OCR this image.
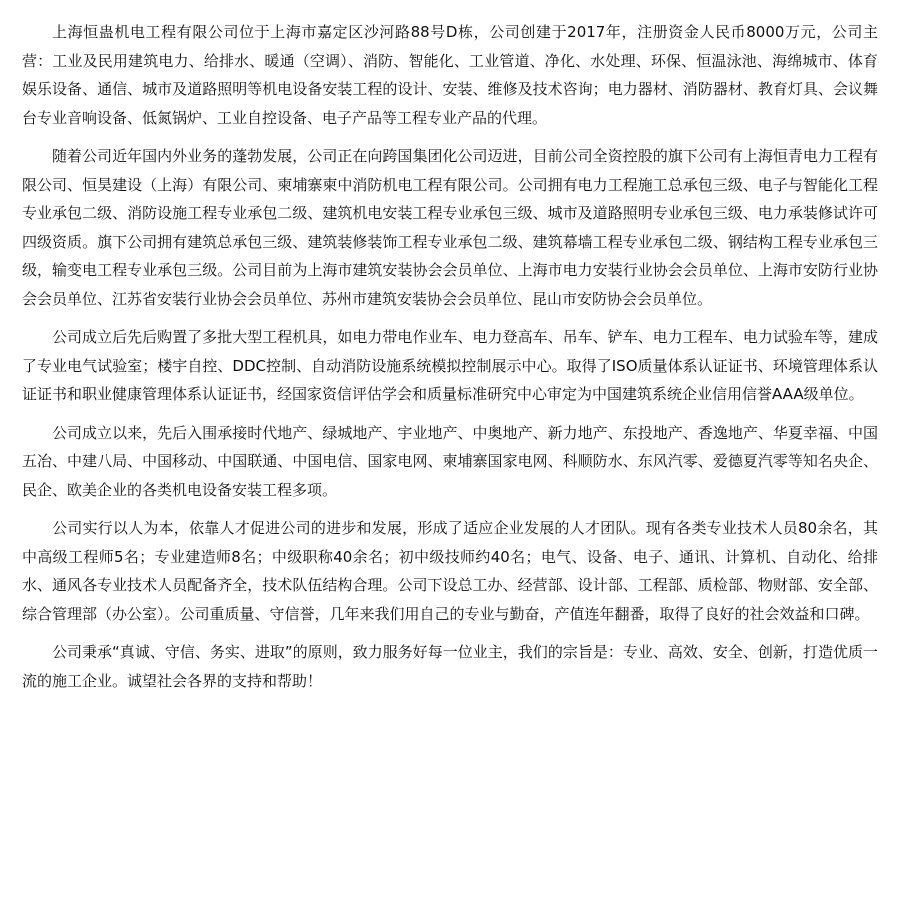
上海恒蛊机电工程有限公司位于上海市嘉定区沙河路88号D栋，公司创建于2017年，注册资金人民币8000万元，公司主营：工业及民用建筑电力、给排水、暖通（空调）、消防、智能化、工业管道、净化、水处理、环保、恒温泳池、海绵城市、体育娱乐设备、通信、城市及道路照明等机电设备安装工程的设计、安装、维修及技术咨询；电力器材、消防器材、教育灯具、会议舞台专业音响设备、低氮锅炉、工业自控设备、电子产品等工程专业产品的代理。

随着公司近年国内外业务的蓬勃发展，公司正在向跨国集团化公司迈进，目前公司全资控股的旗下公司有上海恒青电力工程有限公司、恒昊建设（上海）有限公司、柬埔寨柬中消防机电工程有限公司。公司拥有电力工程施工总承包三级、电子与智能化工程专业承包二级、消防设施工程专业承包二级、建筑机电安装工程专业承包三级、城市及道路照明专业承包三级、电力承装修试许可四级资质。旗下公司拥有建筑总承包三级、建筑装修装饰工程专业承包二级、建筑幕墙工程专业承包二级、钢结构工程专业承包三级，输变电工程专业承包三级。公司目前为上海市建筑安装协会会员单位、上海市电力安装行业协会会员单位、上海市安防行业协会会员单位、江苏省安装行业协会会员单位、苏州市建筑安装协会会员单位、昆山市安防协会会员单位。

公司成立后先后购置了多批大型工程机具，如电力带电作业车、电力登高车、吊车、铲车、电力工程车、电力试验车等，建成了专业电气试验室；楼宇自控、DDC控制、自动消防设施系统模拟控制展示中心。取得了ISO质量体系认证证书、环境管理体系认证证书和职业健康管理体系认证证书，经国家资信评估学会和质量标准研究中心审定为中国建筑系统企业信用信誉AAA级单位。

公司成立以来，先后入围承接时代地产、绿城地产、宇业地产、中奥地产、新力地产、东投地产、香逸地产、华夏幸福、中国五冶、中建八局、中国移动、中国联通、中国电信、国家电网、柬埔寨国家电网、科顺防水、东风汽零、爱德夏汽零等知名央企、民企、欧美企业的各类机电设备安装工程多项。

公司实行以人为本，依靠人才促进公司的进步和发展，形成了适应企业发展的人才团队。现有各类专业技术人员80余名，其中高级工程师5名；专业建造师8名；中级职称40余名；初中级技师约40名；电气、设备、电子、通讯、计算机、自动化、给排水、通风各专业技术人员配备齐全，技术队伍结构合理。公司下设总工办、经营部、设计部、工程部、质检部、物财部、安全部、综合管理部（办公室）。公司重质量、守信誉，几年来我们用自己的专业与勤奋，产值连年翻番，取得了良好的社会效益和口碑。

公司秉承“真诚、守信、务实、进取”的原则，致力服务好每一位业主，我们的宗旨是：专业、高效、安全、创新，打造优质一流的施工企业。诚望社会各界的支持和帮助！
